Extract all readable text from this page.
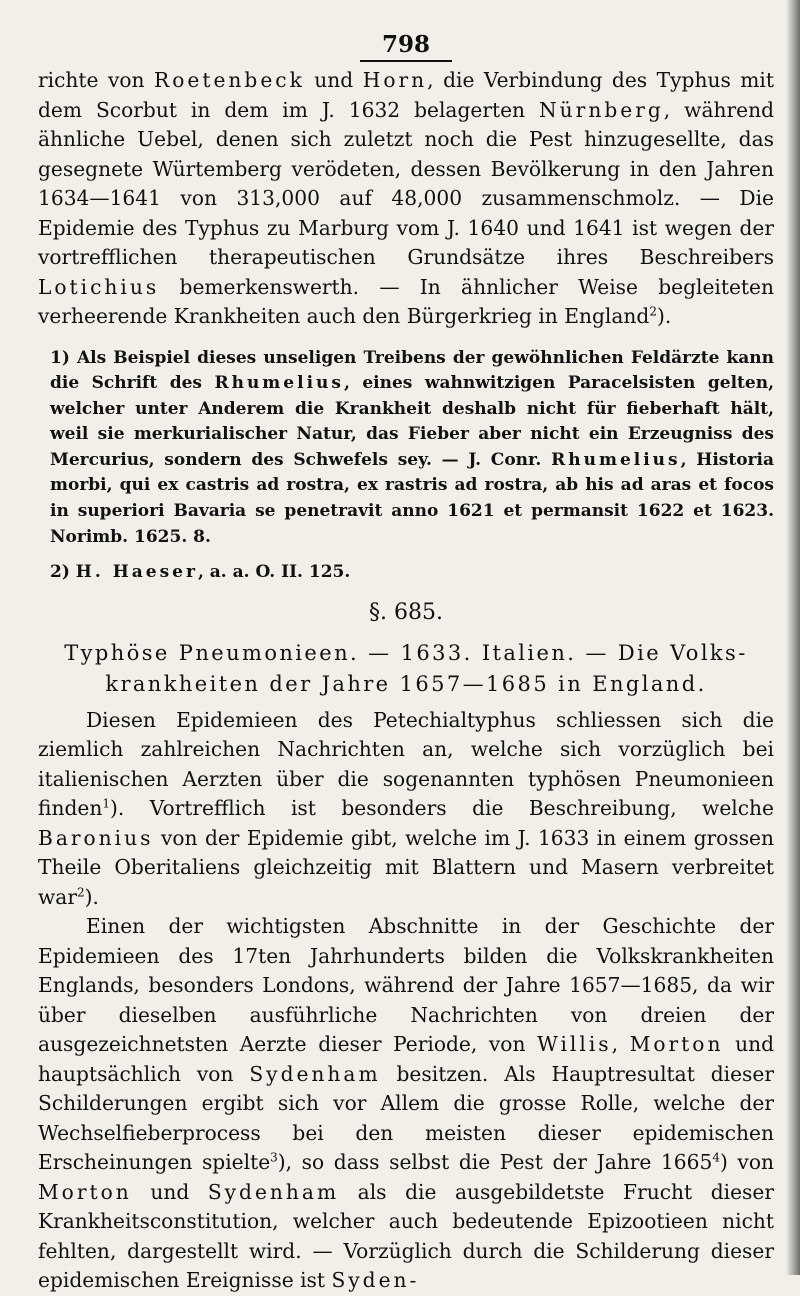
798

richte von Roetenbeck und Horn, die Verbindung des Typhus mit dem Scorbut in dem im J. 1632 belagerten Nürnberg, während ähnliche Uebel, denen sich zuletzt noch die Pest hinzugesellte, das gesegnete Würtemberg verödeten, dessen Bevölkerung in den Jahren 1634—1641 von 313,000 auf 48,000 zusammenschmolz. — Die Epidemie des Typhus zu Marburg vom J. 1640 und 1641 ist wegen der vortrefflichen therapeutischen Grundsätze ihres Beschreibers Lotichius bemerkenswerth. — In ähnlicher Weise begleiteten verheerende Krankheiten auch den Bürgerkrieg in England$^2$).

1) Als Beispiel dieses unseligen Treibens der gewöhnlichen Feldärzte kann die Schrift des Rhumelius, eines wahnwitzigen Paracelsisten gelten, welcher unter Anderem die Krankheit deshalb nicht für fieberhaft hält, weil sie merkurialischer Natur, das Fieber aber nicht ein Erzeugniss des Mercurius, sondern des Schwefels sey. — J. Conr. Rhumelius, Historia morbi, qui ex castris ad rostra, ex rastris ad rostra, ab his ad aras et focos in superiori Bavaria se penetravit anno 1621 et permansit 1622 et 1623. Norimb. 1625. 8.

2) H. Haeser, a. a. O. II. 125.

§. 685.
Typhöse Pneumonieen. — 1633. Italien. — Die Volks-
krankheiten der Jahre 1657—1685 in England.

Diesen Epidemieen des Petechialtyphus schliessen sich die ziemlich zahlreichen Nachrichten an, welche sich vorzüglich bei italienischen Aerzten über die sogenannten typhösen Pneumonieen finden$^1$). Vortrefflich ist besonders die Beschreibung, welche Baronius von der Epidemie gibt, welche im J. 1633 in einem grossen Theile Oberitaliens gleichzeitig mit Blattern und Masern verbreitet war$^2$).

Einen der wichtigsten Abschnitte in der Geschichte der Epidemieen des 17ten Jahrhunderts bilden die Volkskrankheiten Englands, besonders Londons, während der Jahre 1657—1685, da wir über dieselben ausführliche Nachrichten von dreien der ausgezeichnetsten Aerzte dieser Periode, von Willis, Morton und hauptsächlich von Sydenham besitzen. Als Hauptresultat dieser Schilderungen ergibt sich vor Allem die grosse Rolle, welche der Wechselfieberprocess bei den meisten dieser epidemischen Erscheinungen spielte$^3$), so dass selbst die Pest der Jahre 1665$^4$) von Morton und Sydenham als die ausgebildetste Frucht dieser Krankheitsconstitution, welcher auch bedeutende Epizootieen nicht fehlten, dargestellt wird. — Vorzüglich durch die Schilderung dieser epidemischen Ereignisse ist Syden-
